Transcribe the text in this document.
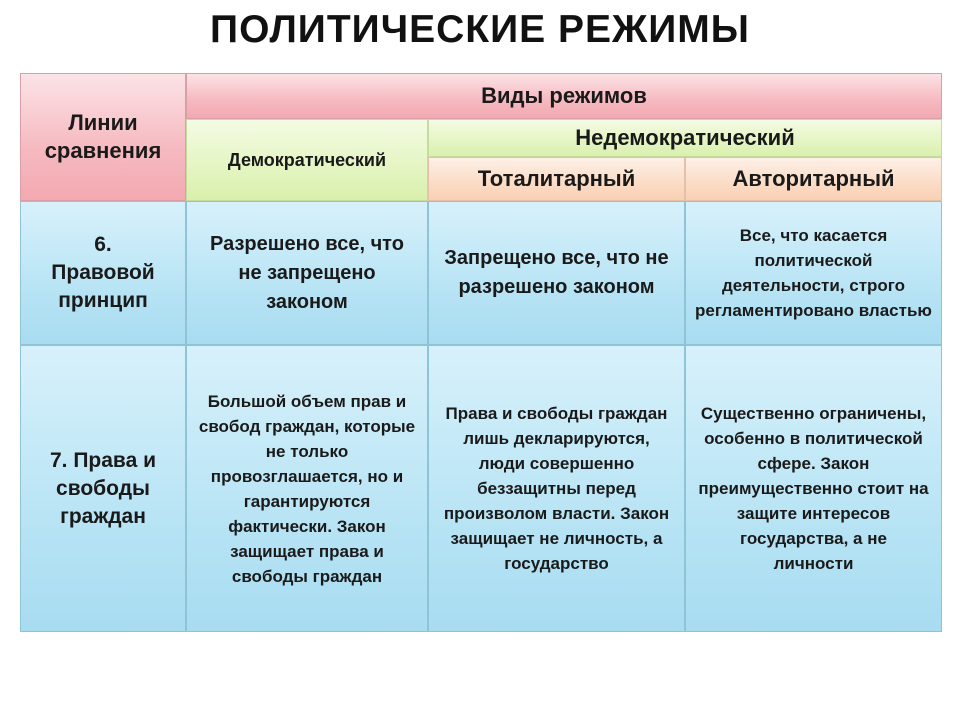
ПОЛИТИЧЕСКИЕ РЕЖИМЫ
Линии сравнения
Виды режимов
Демократический
Недемократический
Тоталитарный	Авторитарный
6. Правовой принцип
Разрешено все, что не запрещено законом
Запрещено все, что не разрешено законом
Все, что касается политической деятельности, строго регламентировано властью
7. Права и свободы граждан
Большой объем прав и свобод граждан, которые не только провозглашается, но и гарантируются фактически. Закон защищает права и свободы граждан
Права и свободы граждан лишь декларируются, люди совершенно беззащитны перед произволом власти. Закон защищает не личность, а государство
Существенно ограничены, особенно в политической сфере. Закон преимущественно стоит на защите интересов государства, а не личности
